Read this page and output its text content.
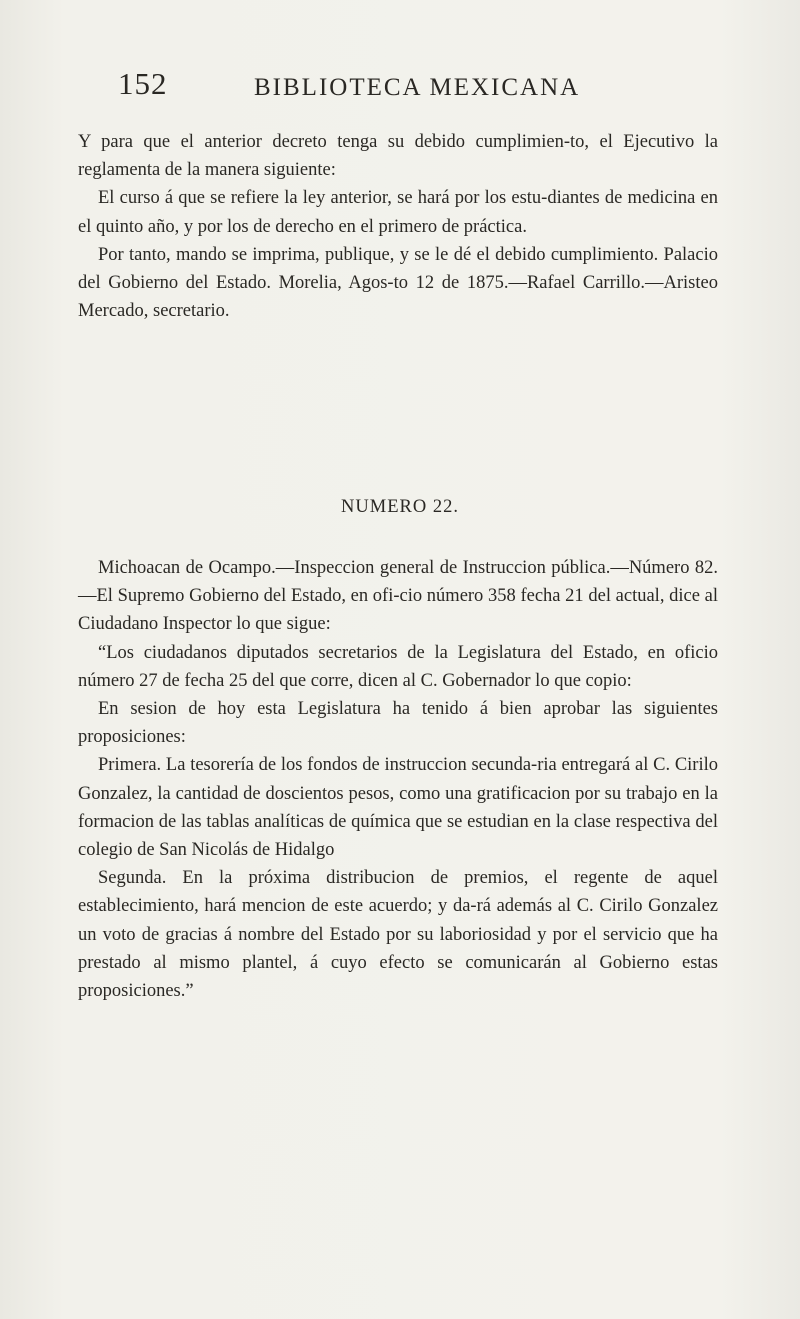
152	BIBLIOTECA MEXICANA

Y para que el anterior decreto tenga su debido cumplimien-to, el Ejecutivo la reglamenta de la manera siguiente:

El curso á que se refiere la ley anterior, se hará por los estu-diantes de medicina en el quinto año, y por los de derecho en el primero de práctica.

Por tanto, mando se imprima, publique, y se le dé el debido cumplimiento. Palacio del Gobierno del Estado. Morelia, Agos-to 12 de 1875.—Rafael Carrillo.—Aristeo Mercado, secretario.

NUMERO 22.

Michoacan de Ocampo.—Inspeccion general de Instruccion pública.—Número 82.—El Supremo Gobierno del Estado, en ofi-cio número 358 fecha 21 del actual, dice al Ciudadano Inspector lo que sigue:

“Los ciudadanos diputados secretarios de la Legislatura del Estado, en oficio número 27 de fecha 25 del que corre, dicen al C. Gobernador lo que copio:

En sesion de hoy esta Legislatura ha tenido á bien aprobar las siguientes proposiciones:

Primera. La tesorería de los fondos de instruccion secunda-ria entregará al C. Cirilo Gonzalez, la cantidad de doscientos pesos, como una gratificacion por su trabajo en la formacion de las tablas analíticas de química que se estudian en la clase respectiva del colegio de San Nicolás de Hidalgo

Segunda. En la próxima distribucion de premios, el regente de aquel establecimiento, hará mencion de este acuerdo; y da-rá además al C. Cirilo Gonzalez un voto de gracias á nombre del Estado por su laboriosidad y por el servicio que ha prestado al mismo plantel, á cuyo efecto se comunicarán al Gobierno estas proposiciones.”
